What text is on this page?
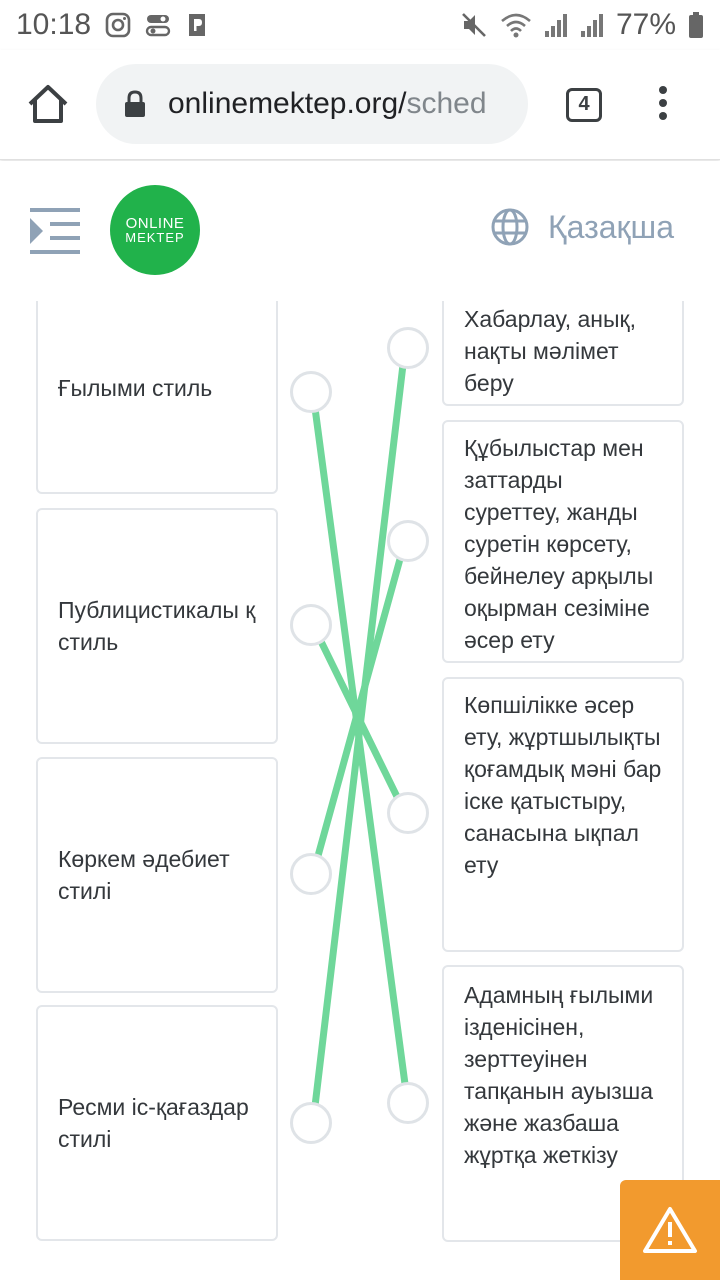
10:18	77%
onlinemektep.org/sched	4
ONLINE
MEKTEP	Қазақша
Ғылыми стиль
Публицистикалы қ стиль
Көркем әдебиет стилі
Ресми іс-қағаздар стилі
Хабарлау, анық, нақты мәлімет беру
Құбылыстар мен заттарды суреттеу, жанды суретін көрсету, бейнелеу арқылы оқырман сезіміне әсер ету
Көпшілікке әсер ету, жұртшылықты қоғамдық мәні бар іске қатыстыру, санасына ықпал ету
Адамның ғылыми ізденісінен, зерттеуінен тапқанын ауызша және жазбаша жұртқа жеткізу
